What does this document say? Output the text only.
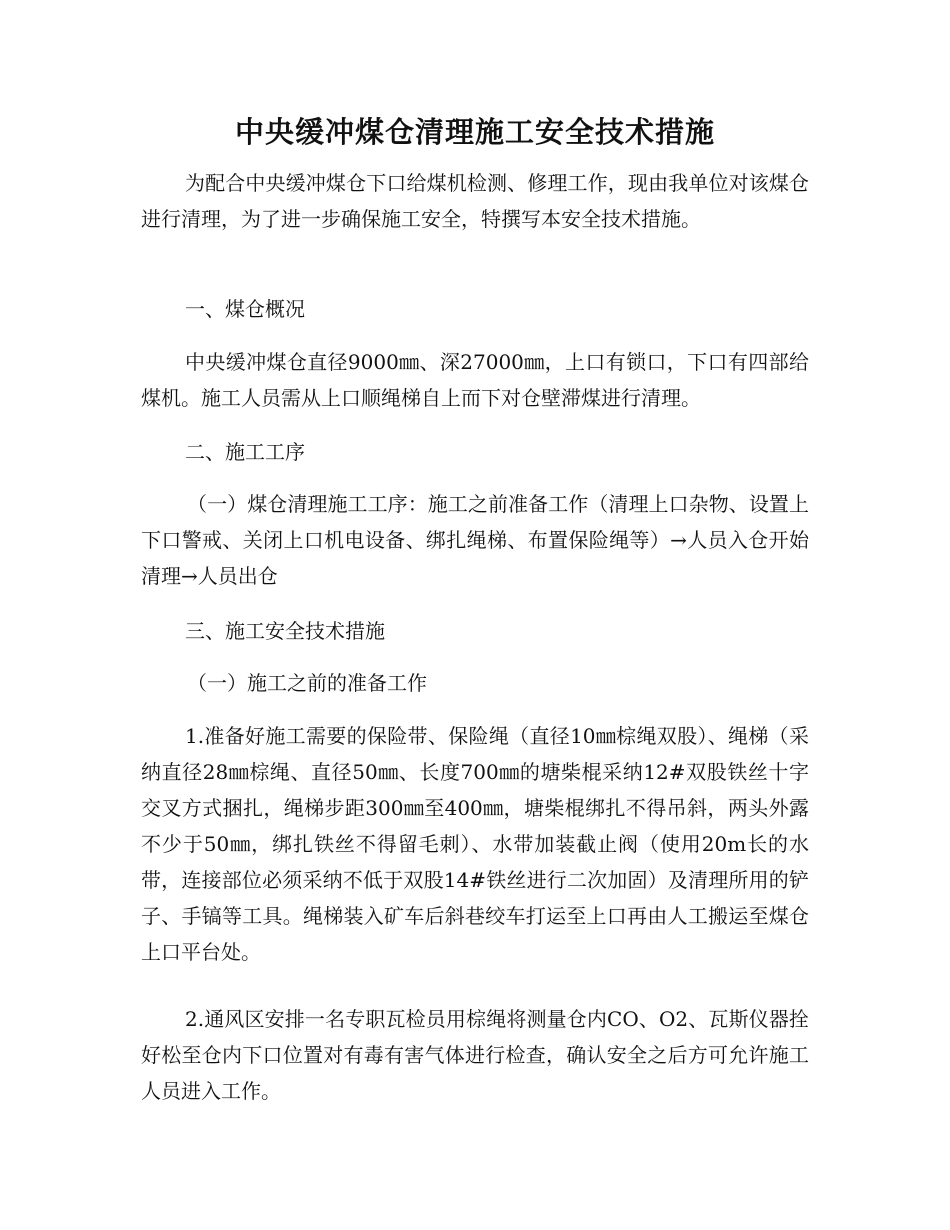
中央缓冲煤仓清理施工安全技术措施

为配合中央缓冲煤仓下口给煤机检测、修理工作，现由我单位对该煤仓进行清理，为了进一步确保施工安全，特撰写本安全技术措施。

一、煤仓概况

中央缓冲煤仓直径9000㎜、深27000㎜，上口有锁口，下口有四部给煤机。施工人员需从上口顺绳梯自上而下对仓壁滞煤进行清理。

二、施工工序

（一）煤仓清理施工工序：施工之前准备工作（清理上口杂物、设置上下口警戒、关闭上口机电设备、绑扎绳梯、布置保险绳等）→人员入仓开始清理→人员出仓

三、施工安全技术措施

（一）施工之前的准备工作

1.准备好施工需要的保险带、保险绳（直径10㎜棕绳双股）、绳梯（采纳直径28㎜棕绳、直径50㎜、长度700㎜的塘柴棍采纳12#双股铁丝十字交叉方式捆扎，绳梯步距300㎜至400㎜，塘柴棍绑扎不得吊斜，两头外露不少于50㎜，绑扎铁丝不得留毛刺）、水带加装截止阀（使用20m长的水带，连接部位必须采纳不低于双股14#铁丝进行二次加固）及清理所用的铲子、手镐等工具。绳梯装入矿车后斜巷绞车打运至上口再由人工搬运至煤仓上口平台处。

2.通风区安排一名专职瓦检员用棕绳将测量仓内CO、O2、瓦斯仪器拴好松至仓内下口位置对有毒有害气体进行检查，确认安全之后方可允许施工人员进入工作。
